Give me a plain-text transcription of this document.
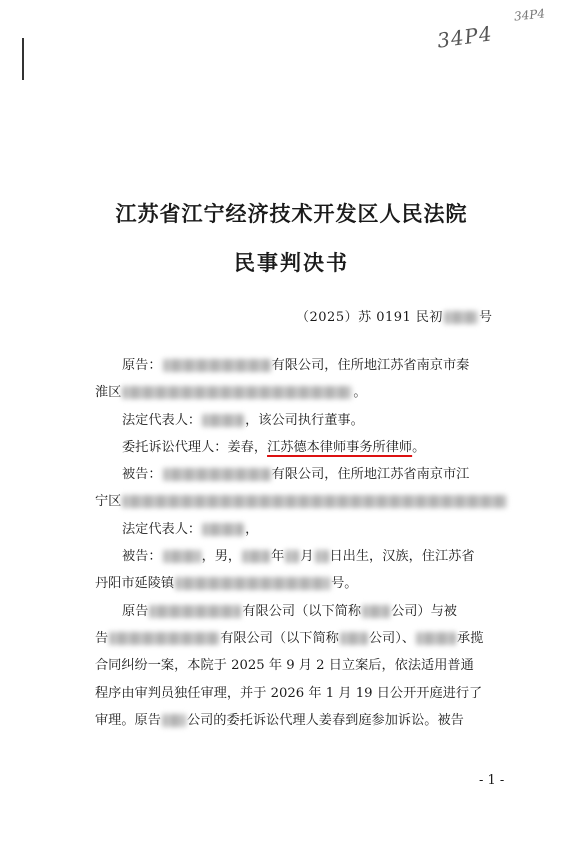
34P4
34P4
江苏省江宁经济技术开发区人民法院
民事判决书
（2025）苏 0191 民初	号
原告：	有限公司，住所地江苏省南京市秦
淮区	。
法定代表人：	，该公司执行董事。
委托诉讼代理人：姜春，江苏德本律师事务所律师。
被告：	有限公司，住所地江苏省南京市江
宁区
法定代表人：	，
被告：	，男， 年 月 日出生，汉族，住江苏省
丹阳市延陵镇	号。
原告	有限公司（以下简称 公司）与被
告	有限公司（以下简称 公司）、	承揽
合同纠纷一案，本院于 2025 年 9 月 2 日立案后，依法适用普通
程序由审判员独任审理，并于 2026 年 1 月 19 日公开开庭进行了
审理。原告 公司的委托诉讼代理人姜春到庭参加诉讼。被告
- 1 -
